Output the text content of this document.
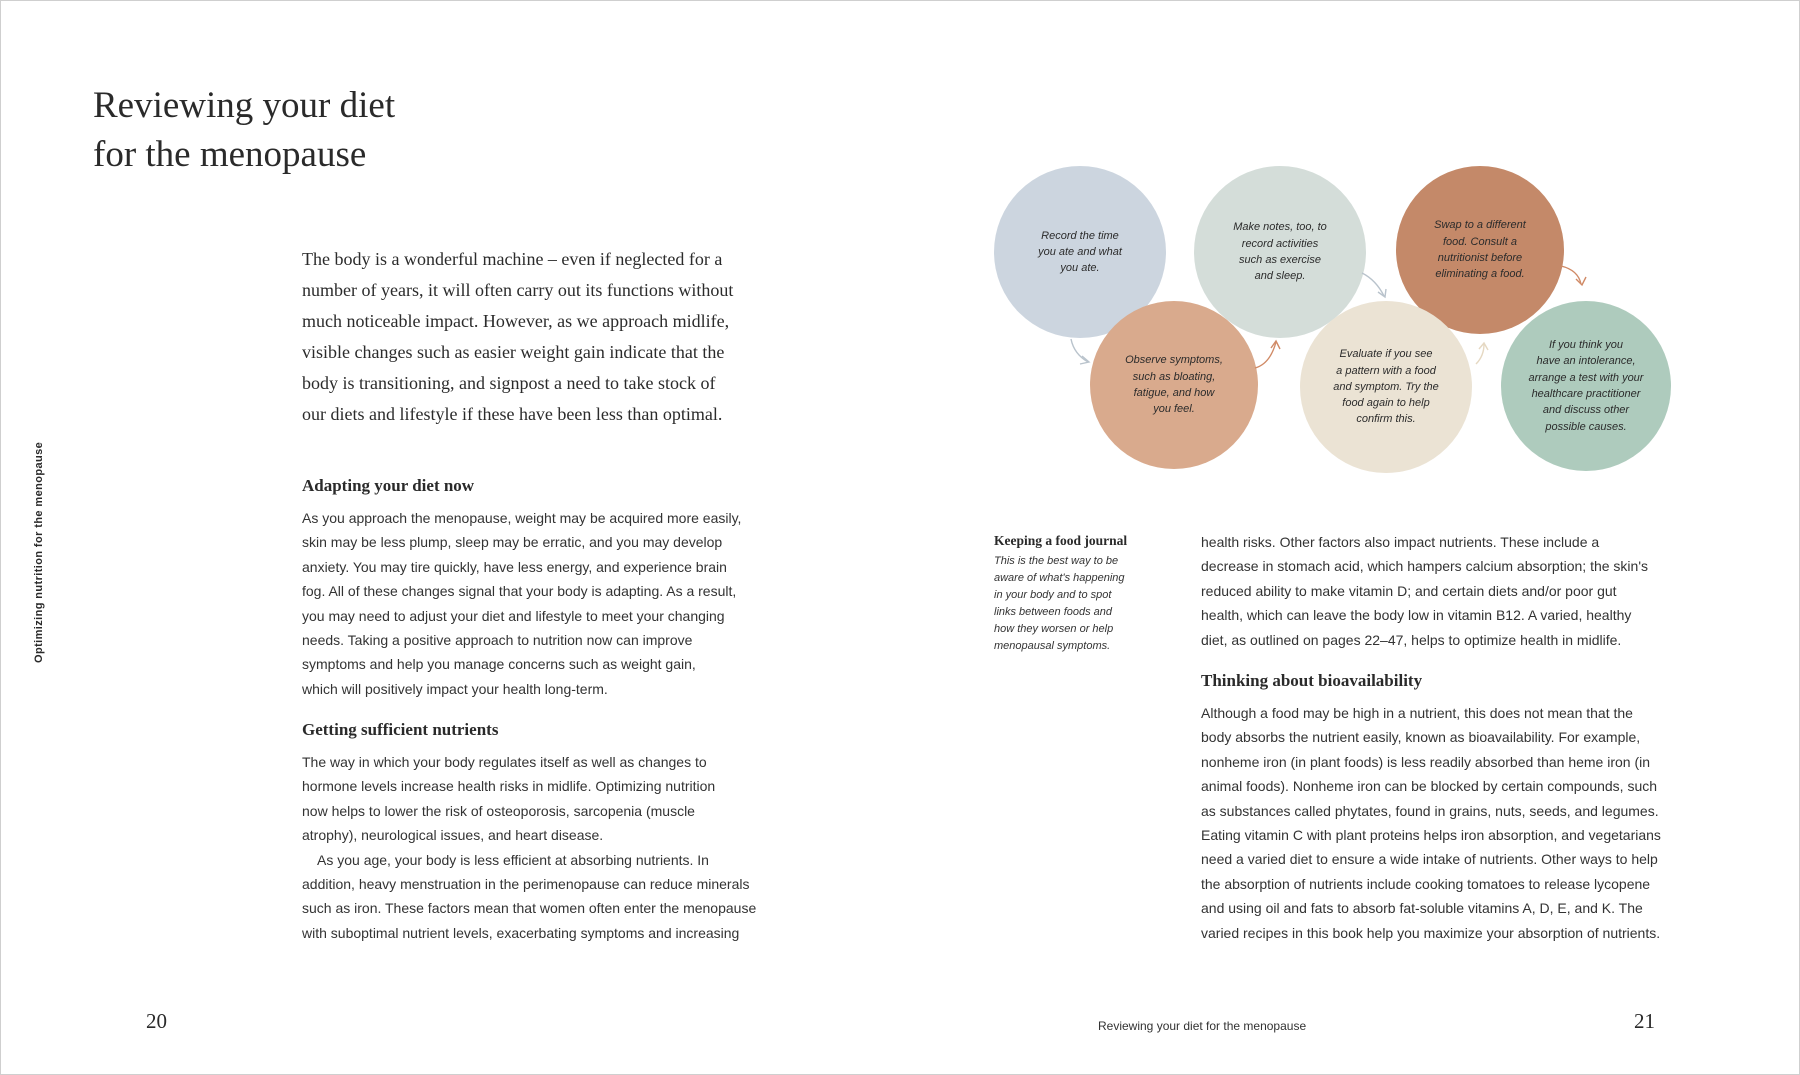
Optimizing nutrition for the menopause
Reviewing your diet
for the menopause
The body is a wonderful machine – even if neglected for a
number of years, it will often carry out its functions without
much noticeable impact. However, as we approach midlife,
visible changes such as easier weight gain indicate that the
body is transitioning, and signpost a need to take stock of
our diets and lifestyle if these have been less than optimal.
Adapting your diet now
As you approach the menopause, weight may be acquired more easily,
skin may be less plump, sleep may be erratic, and you may develop
anxiety. You may tire quickly, have less energy, and experience brain
fog. All of these changes signal that your body is adapting. As a result,
you may need to adjust your diet and lifestyle to meet your changing
needs. Taking a positive approach to nutrition now can improve
symptoms and help you manage concerns such as weight gain,
which will positively impact your health long-term.
Getting sufficient nutrients
The way in which your body regulates itself as well as changes to
hormone levels increase health risks in midlife. Optimizing nutrition
now helps to lower the risk of osteoporosis, sarcopenia (muscle
atrophy), neurological issues, and heart disease.
As you age, your body is less efficient at absorbing nutrients. In
addition, heavy menstruation in the perimenopause can reduce minerals
such as iron. These factors mean that women often enter the menopause
with suboptimal nutrient levels, exacerbating symptoms and increasing
Record the time
you ate and what
you ate.
Make notes, too, to
record activities
such as exercise
and sleep.
Swap to a different
food. Consult a
nutritionist before
eliminating a food.
Observe symptoms,
such as bloating,
fatigue, and how
you feel.
Evaluate if you see
a pattern with a food
and symptom. Try the
food again to help
confirm this.
If you think you
have an intolerance,
arrange a test with your
healthcare practitioner
and discuss other
possible causes.
Keeping a food journal
This is the best way to be
aware of what's happening
in your body and to spot
links between foods and
how they worsen or help
menopausal symptoms.
health risks. Other factors also impact nutrients. These include a
decrease in stomach acid, which hampers calcium absorption; the skin's
reduced ability to make vitamin D; and certain diets and/or poor gut
health, which can leave the body low in vitamin B12. A varied, healthy
diet, as outlined on pages 22–47, helps to optimize health in midlife.
Thinking about bioavailability
Although a food may be high in a nutrient, this does not mean that the
body absorbs the nutrient easily, known as bioavailability. For example,
nonheme iron (in plant foods) is less readily absorbed than heme iron (in
animal foods). Nonheme iron can be blocked by certain compounds, such
as substances called phytates, found in grains, nuts, seeds, and legumes.
Eating vitamin C with plant proteins helps iron absorption, and vegetarians
need a varied diet to ensure a wide intake of nutrients. Other ways to help
the absorption of nutrients include cooking tomatoes to release lycopene
and using oil and fats to absorb fat-soluble vitamins A, D, E, and K. The
varied recipes in this book help you maximize your absorption of nutrients.
20	Reviewing your diet for the menopause	21
